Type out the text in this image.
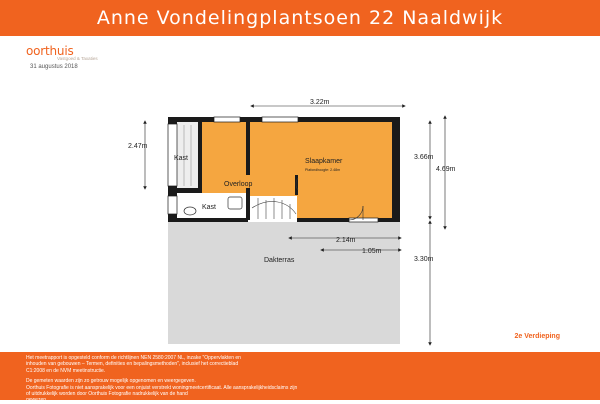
Anne Vondelingplantsoen 22 Naaldwijk
oorthuis
Vastgoed & Taxaties
31 augustus 2018
Kast
Overloop
Kast
Slaapkamer
Plafondhoogte: 2.48m
Dakterras
3.22m
2.47m
3.66m
4.69m
2.14m
1.05m
3.30m
2e Verdieping

Het meetrapport is opgesteld conform de richtlijnen NEN 2580:2007 NL, inzake "Oppervlakten en

inhouden van gebouwen – Termen, definities en bepalingsmethoden", inclusief het correctieblad

C1:2008 en de NVM meetinstructie.

De gemeten waarden zijn zo getrouw mogelijk opgenomen en weergegeven.

Oorthuis Fotografie is niet aansprakelijk voor een onjuist verstrekt woningmeetcertificaat. Alle aansprakelijkheidsclaims zijn

of uitdrukkelijk worden door Oorthuis Fotografie nadrukkelijk van de hand

gewezen.
